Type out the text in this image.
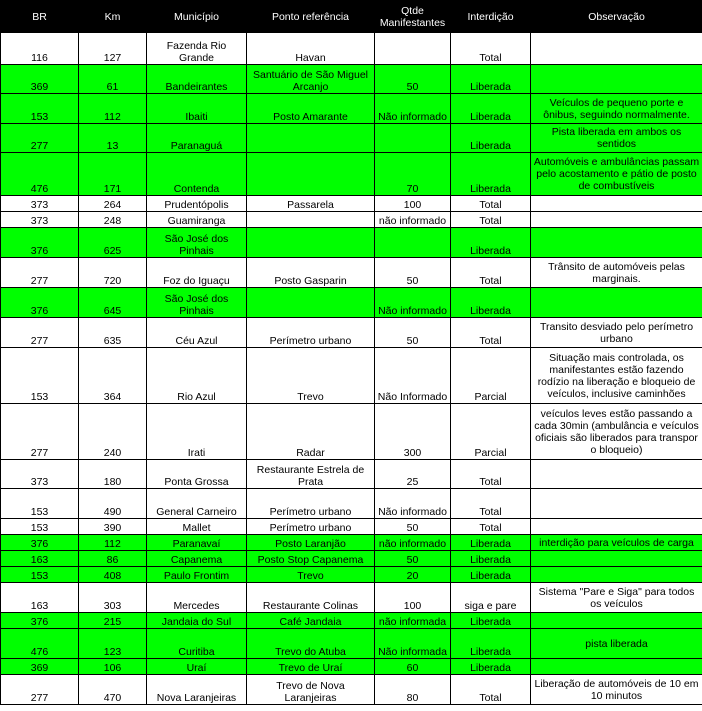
BR	Km	Município	Ponto referência	Qtde Manifestantes	Interdição	Observação
116	127	Fazenda Rio Grande	Havan		Total	
369	61	Bandeirantes	Santuário de São Miguel Arcanjo	50	Liberada	
153	112	Ibaiti	Posto Amarante	Não informado	Liberada	Veículos de pequeno porte e ônibus, seguindo normalmente.
277	13	Paranaguá			Liberada	Pista liberada em ambos os sentidos
476	171	Contenda		70	Liberada	Automóveis e ambulâncias passam pelo acostamento e pátio de posto de combustíveis
373	264	Prudentópolis	Passarela	100	Total	
373	248	Guamiranga		não informado	Total	
376	625	São José dos Pinhais			Liberada	
277	720	Foz do Iguaçu	Posto Gasparin	50	Total	Trânsito de automóveis pelas marginais.
376	645	São José dos Pinhais		Não informado	Liberada	
277	635	Céu Azul	Perímetro urbano	50	Total	Transito desviado pelo perímetro urbano
153	364	Rio Azul	Trevo	Não Informado	Parcial	Situação mais controlada, os manifestantes estão fazendo rodízio na liberação e bloqueio de veículos, inclusive caminhões
277	240	Irati	Radar	300	Parcial	veículos leves estão passando a cada 30min (ambulância e veículos oficiais são liberados para transpor o bloqueio)
373	180	Ponta Grossa	Restaurante Estrela de Prata	25	Total	
153	490	General Carneiro	Perímetro urbano	Não informado	Total	
153	390	Mallet	Perímetro urbano	50	Total	
376	112	Paranavaí	Posto Laranjão	não informado	Liberada	interdição para veículos de carga
163	86	Capanema	Posto Stop Capanema	50	Liberada	
153	408	Paulo Frontim	Trevo	20	Liberada	
163	303	Mercedes	Restaurante Colinas	100	siga e pare	Sistema "Pare e Siga" para todos os veículos
376	215	Jandaia do Sul	Café Jandaia	não informada	Liberada	
476	123	Curitiba	Trevo do Atuba	Não informada	Liberada	pista liberada
369	106	Uraí	Trevo de Uraí	60	Liberada	
277	470	Nova Laranjeiras	Trevo de Nova Laranjeiras	80	Total	Liberação de automóveis de 10 em 10 minutos
